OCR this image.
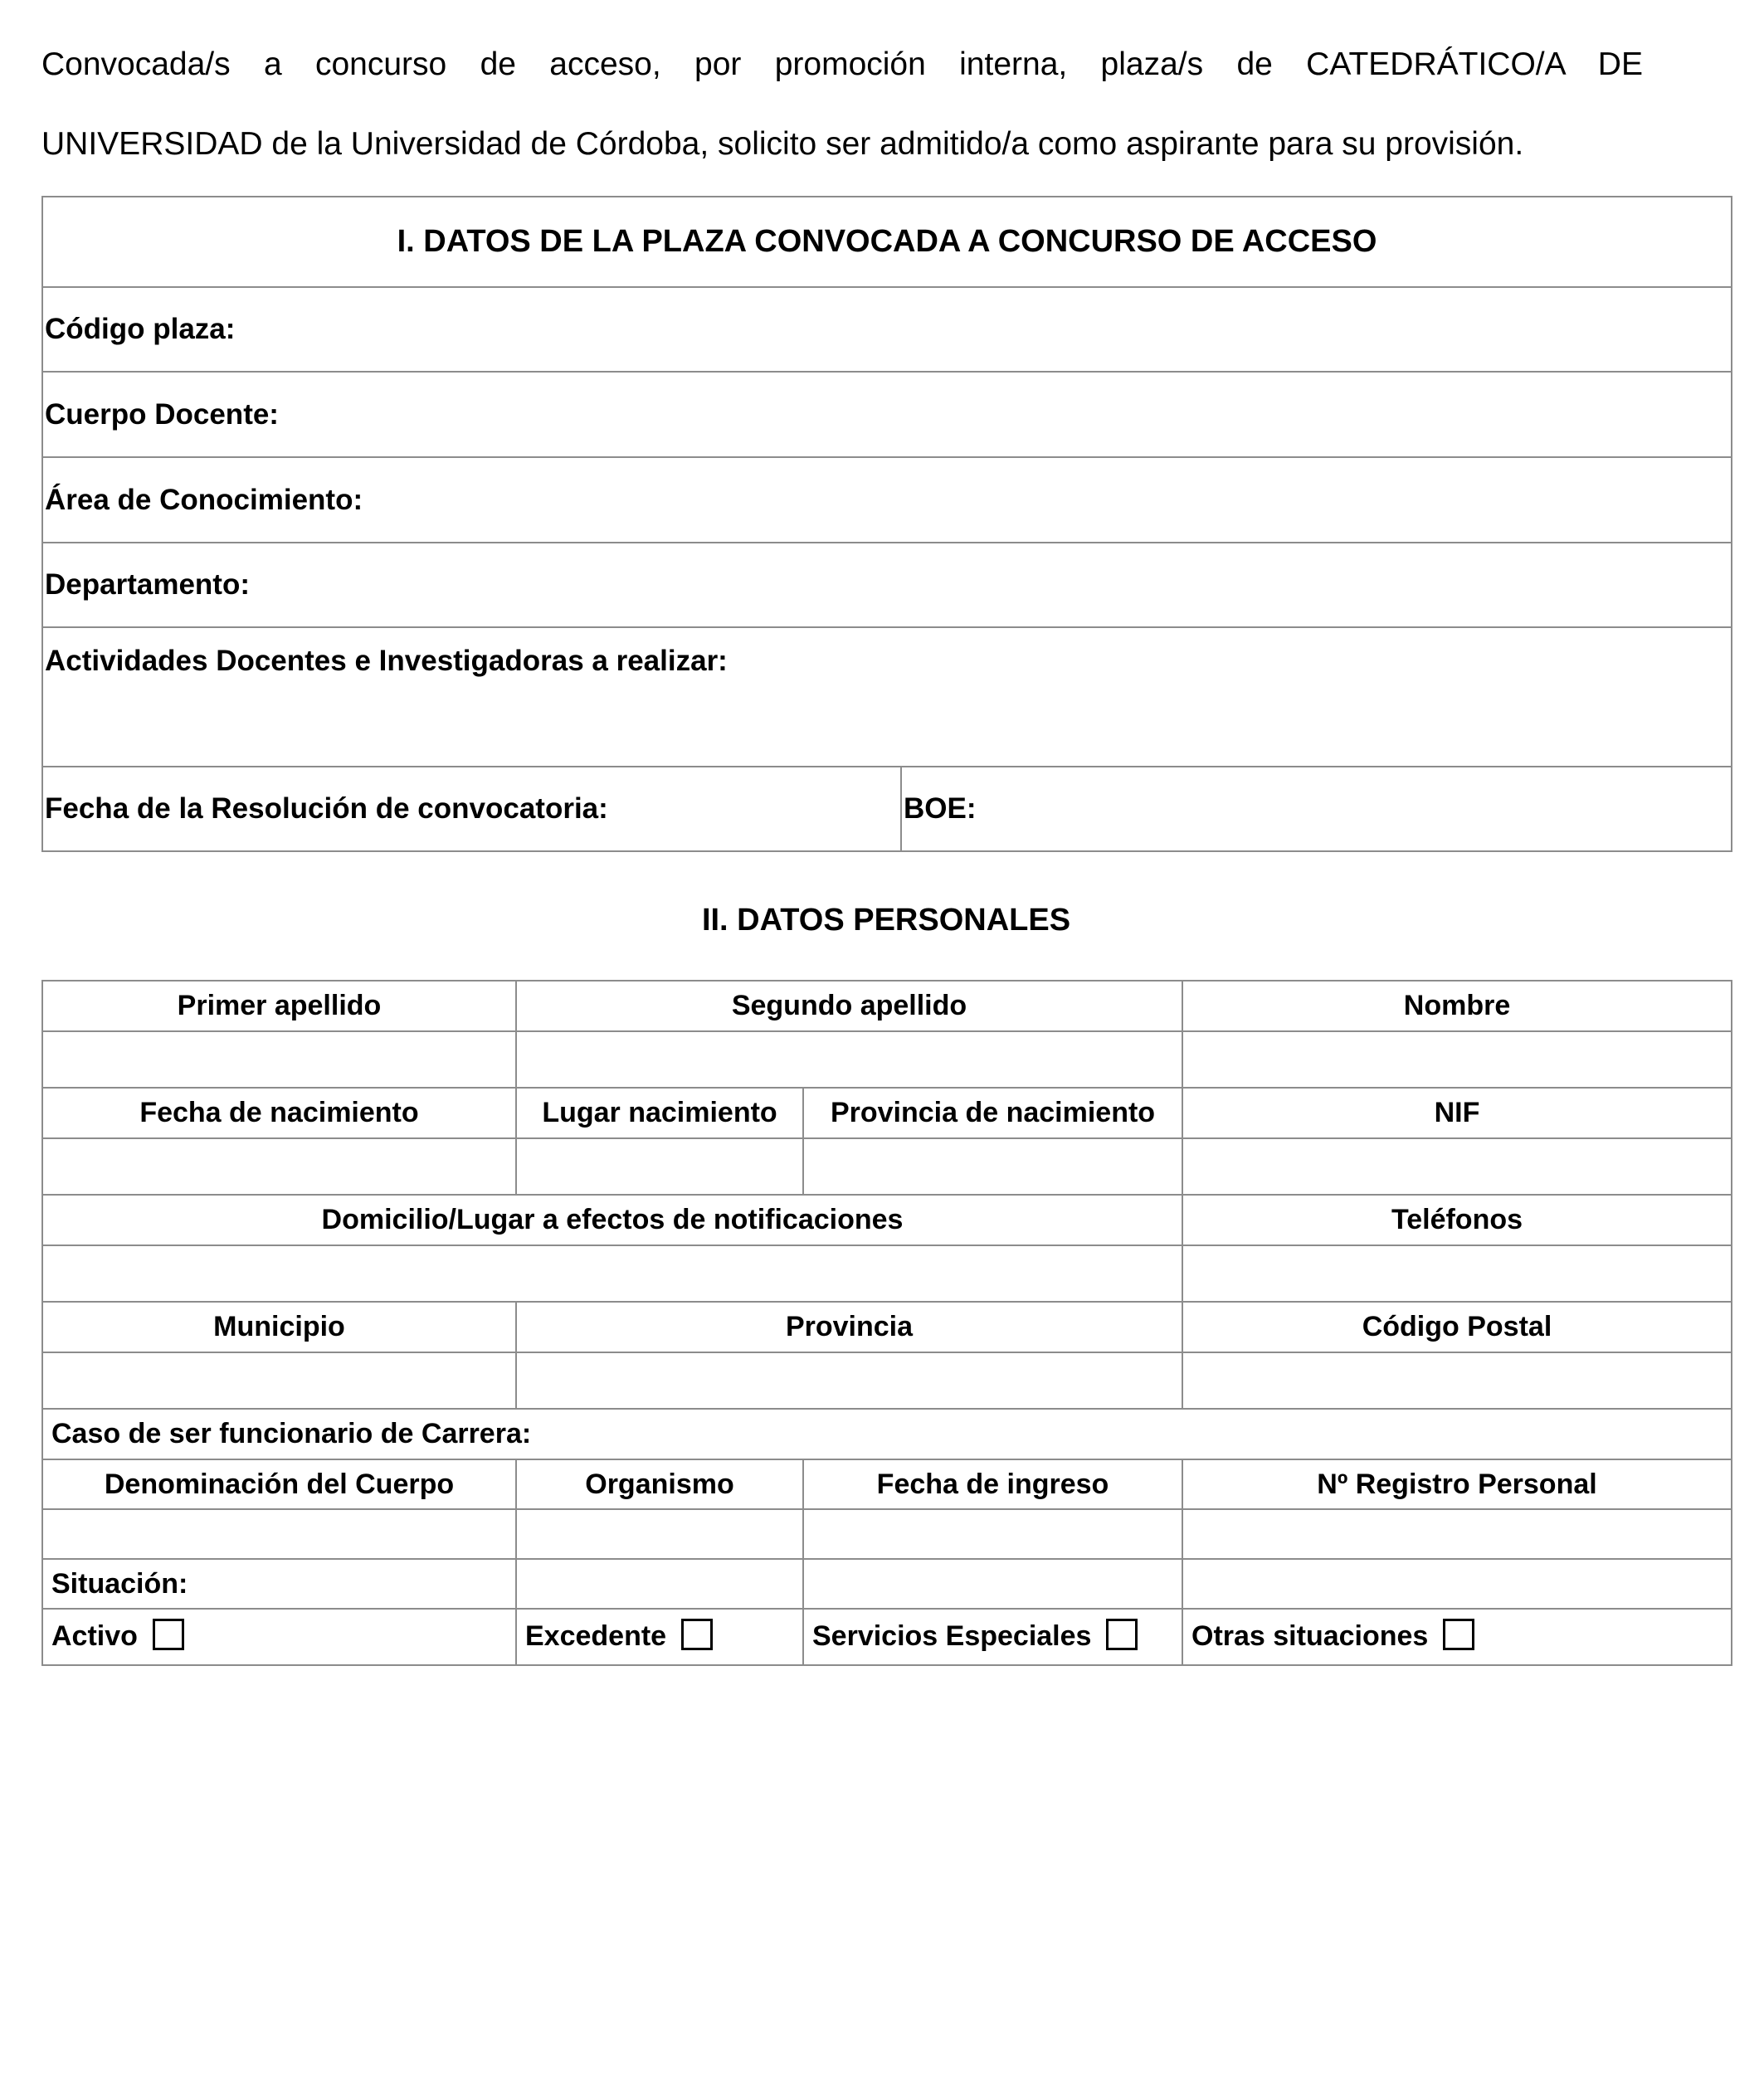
Convocada/s a concurso de acceso, por promoción interna, plaza/s de CATEDRÁTICO/A DE
UNIVERSIDAD de la Universidad de Córdoba, solicito ser admitido/a como aspirante para su provisión.
I. DATOS DE LA PLAZA CONVOCADA A CONCURSO DE ACCESO
Código plaza:
Cuerpo Docente:
Área de Conocimiento:
Departamento:
Actividades Docentes e Investigadoras a realizar:
Fecha de la Resolución de convocatoria:	BOE:
II. DATOS PERSONALES
Primer apellido	Segundo apellido		Nombre

Fecha de nacimiento	Lugar nacimiento	Provincia de nacimiento	NIF

Domicilio/Lugar a efectos de notificaciones			Teléfonos

Municipio	Provincia		Código Postal

Caso de ser funcionario de Carrera:			
Denominación del Cuerpo	Organismo	Fecha de ingreso	Nº Registro Personal

Situación:			
Activo	Excedente	Servicios Especiales	Otras situaciones
